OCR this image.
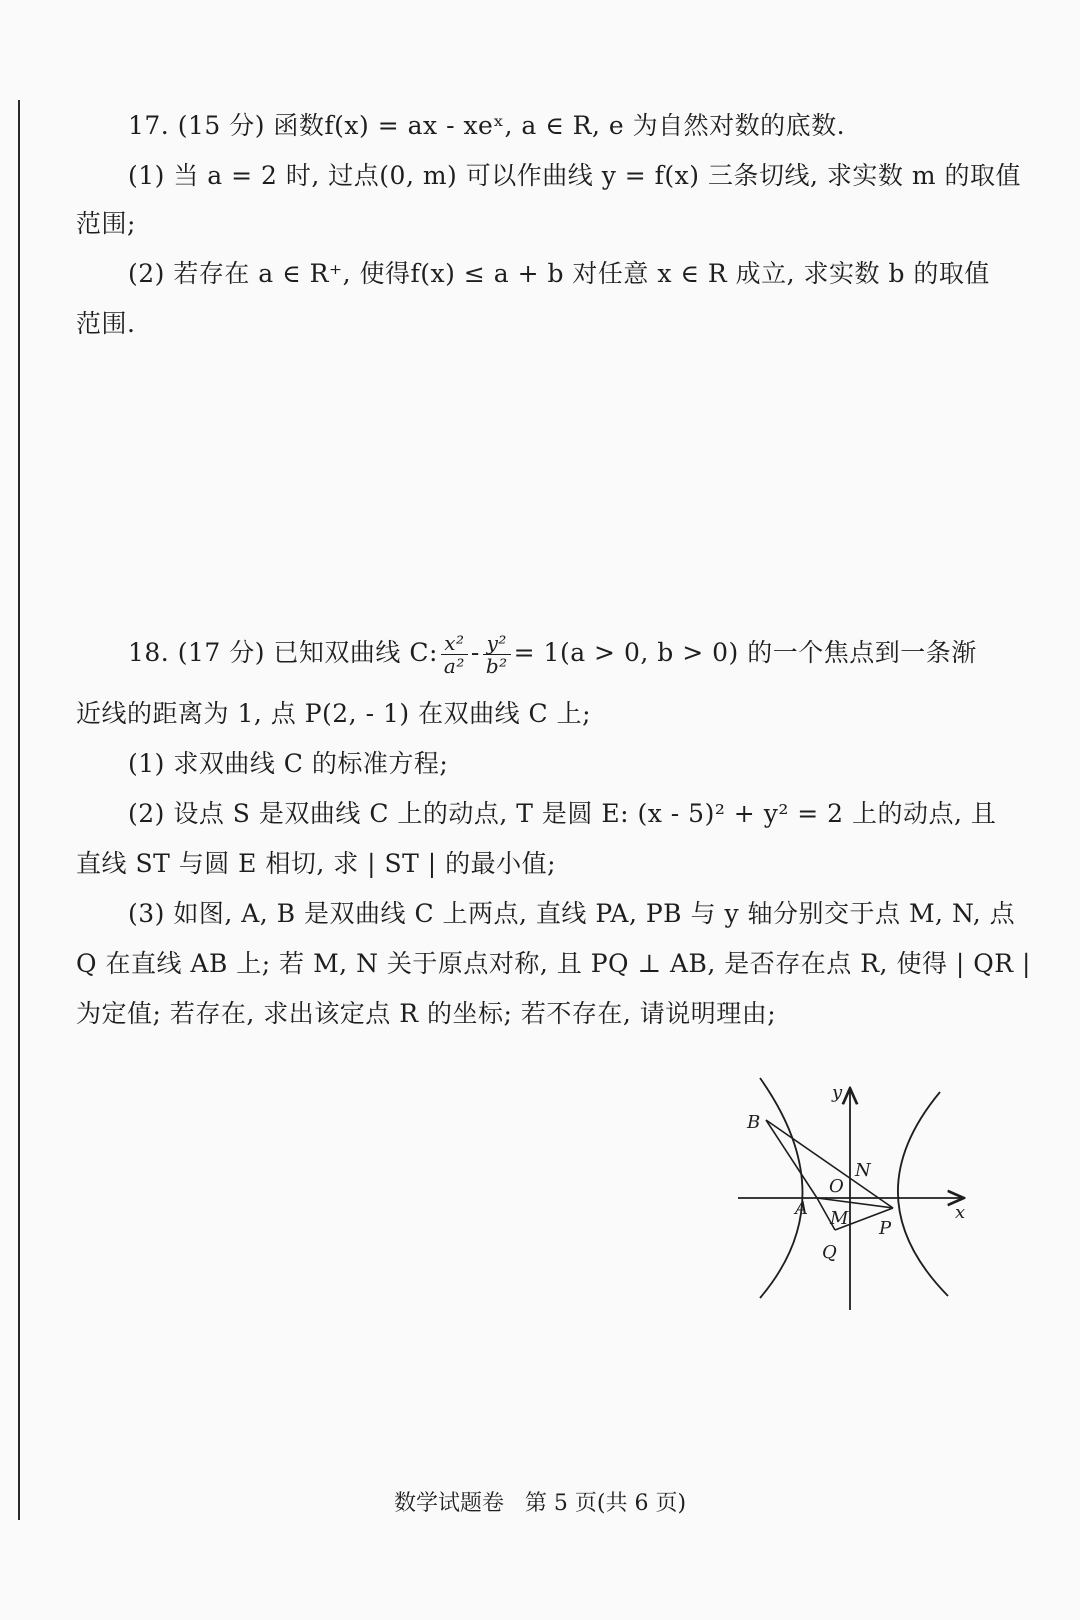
17. (15 分) 函数f(x) = ax - xeˣ, a ∈ R, e 为自然对数的底数.
(1) 当 a = 2 时, 过点(0, m) 可以作曲线 y = f(x) 三条切线, 求实数 m 的取值
范围;
(2) 若存在 a ∈ R⁺, 使得f(x) ≤ a + b 对任意 x ∈ R 成立, 求实数 b 的取值
范围.
18. (17 分) 已知双曲线 C: $\frac{\text{x²}}{\text{a²}} - \frac{\text{y²}}{\text{b²}} = 1(a > 0$, b > 0) 的一个焦点到一条渐
近线的距离为 1, 点 P(2, - 1) 在双曲线 C 上;
(1) 求双曲线 C 的标准方程;
(2) 设点 S 是双曲线 C 上的动点, T 是圆 E: (x - 5)² + y² = 2 上的动点, 且
直线 ST 与圆 E 相切, 求 | ST | 的最小值;
(3) 如图, A, B 是双曲线 C 上两点, 直线 PA, PB 与 y 轴分别交于点 M, N, 点
Q 在直线 AB 上; 若 M, N 关于原点对称, 且 PQ ⊥ AB, 是否存在点 R, 使得 | QR |
为定值; 若存在, 求出该定点 R 的坐标; 若不存在, 请说明理由;
y
x
B
N
O
A M P
Q
数学试题卷   第 5 页(共 6 页)
